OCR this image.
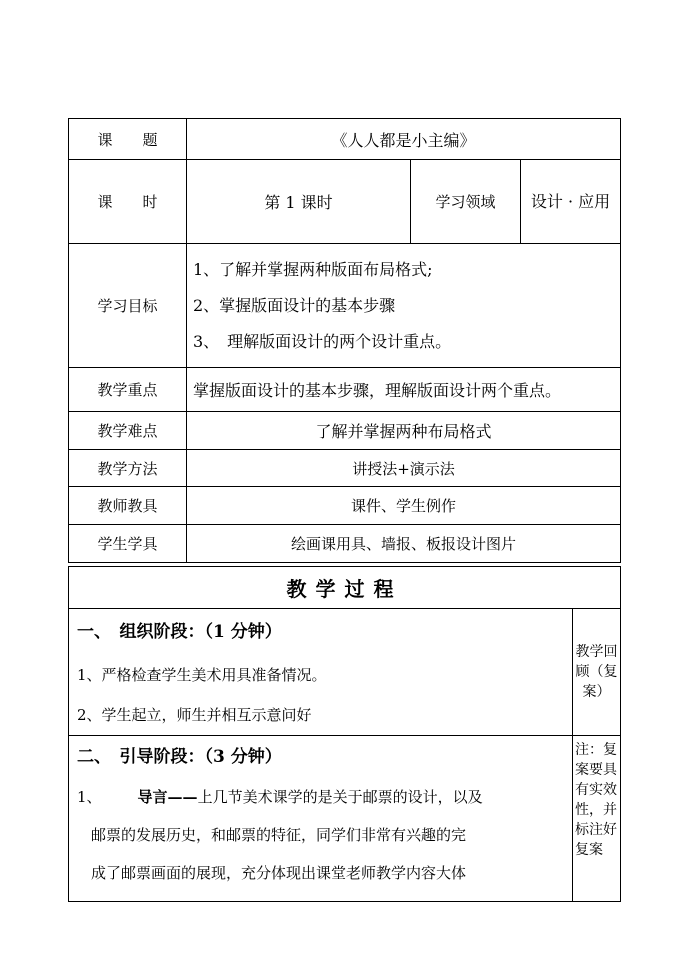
课　　题	《人人都是小主编》		
课　　时	第 1 课时	学习领域	设计 · 应用
学习目标	1、了解并掌握两种版面布局格式;
2、掌握版面设计的基本步骤
3、　理解版面设计的两个设计重点。		

教学重点	掌握版面设计的基本步骤，理解版面设计两个重点。		
教学难点	了解并掌握两种布局格式		
教学方法	讲授法+演示法		
教师教具	课件、学生例作		
学生学具	绘画课用具、墙报、板报设计图片		
教学过程	

一、　组织阶段：（1 分钟）
1、严格检查学生美术用具准备情况。
2、学生起立，师生并相互示意问好	教学回顾（复案）

二、　引导阶段：（3 分钟）
1、 导言——上几节美术课学的是关于邮票的设计，以及
邮票的发展历史，和邮票的特征，同学们非常有兴趣的完
成了邮票画面的展现，充分体现出课堂老师教学内容大体	注：复案要具有实效性，并标注好复案
